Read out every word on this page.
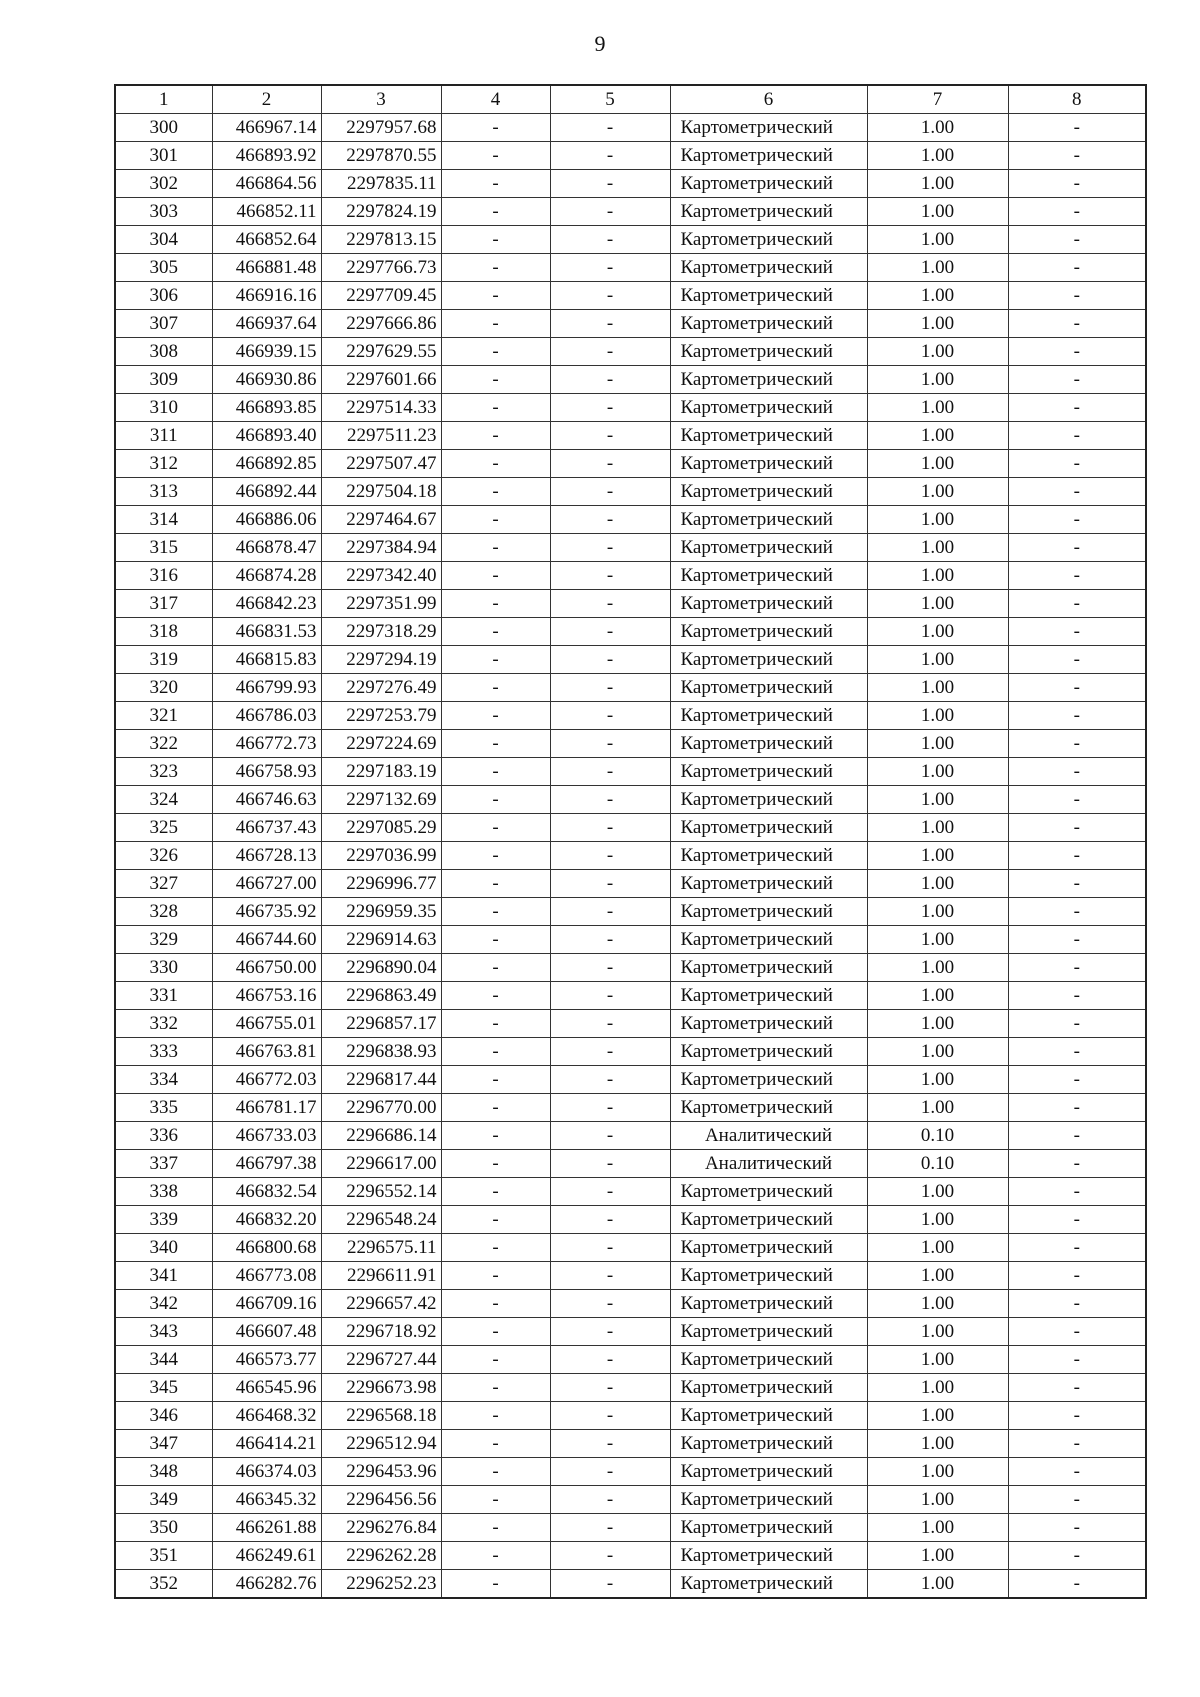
9
1	2	3	4	5	6	7	8
300	466967.14	2297957.68	-	-	Картометрический	1.00	-
301	466893.92	2297870.55	-	-	Картометрический	1.00	-
302	466864.56	2297835.11	-	-	Картометрический	1.00	-
303	466852.11	2297824.19	-	-	Картометрический	1.00	-
304	466852.64	2297813.15	-	-	Картометрический	1.00	-
305	466881.48	2297766.73	-	-	Картометрический	1.00	-
306	466916.16	2297709.45	-	-	Картометрический	1.00	-
307	466937.64	2297666.86	-	-	Картометрический	1.00	-
308	466939.15	2297629.55	-	-	Картометрический	1.00	-
309	466930.86	2297601.66	-	-	Картометрический	1.00	-
310	466893.85	2297514.33	-	-	Картометрический	1.00	-
311	466893.40	2297511.23	-	-	Картометрический	1.00	-
312	466892.85	2297507.47	-	-	Картометрический	1.00	-
313	466892.44	2297504.18	-	-	Картометрический	1.00	-
314	466886.06	2297464.67	-	-	Картометрический	1.00	-
315	466878.47	2297384.94	-	-	Картометрический	1.00	-
316	466874.28	2297342.40	-	-	Картометрический	1.00	-
317	466842.23	2297351.99	-	-	Картометрический	1.00	-
318	466831.53	2297318.29	-	-	Картометрический	1.00	-
319	466815.83	2297294.19	-	-	Картометрический	1.00	-
320	466799.93	2297276.49	-	-	Картометрический	1.00	-
321	466786.03	2297253.79	-	-	Картометрический	1.00	-
322	466772.73	2297224.69	-	-	Картометрический	1.00	-
323	466758.93	2297183.19	-	-	Картометрический	1.00	-
324	466746.63	2297132.69	-	-	Картометрический	1.00	-
325	466737.43	2297085.29	-	-	Картометрический	1.00	-
326	466728.13	2297036.99	-	-	Картометрический	1.00	-
327	466727.00	2296996.77	-	-	Картометрический	1.00	-
328	466735.92	2296959.35	-	-	Картометрический	1.00	-
329	466744.60	2296914.63	-	-	Картометрический	1.00	-
330	466750.00	2296890.04	-	-	Картометрический	1.00	-
331	466753.16	2296863.49	-	-	Картометрический	1.00	-
332	466755.01	2296857.17	-	-	Картометрический	1.00	-
333	466763.81	2296838.93	-	-	Картометрический	1.00	-
334	466772.03	2296817.44	-	-	Картометрический	1.00	-
335	466781.17	2296770.00	-	-	Картометрический	1.00	-
336	466733.03	2296686.14	-	-	Аналитический	0.10	-
337	466797.38	2296617.00	-	-	Аналитический	0.10	-
338	466832.54	2296552.14	-	-	Картометрический	1.00	-
339	466832.20	2296548.24	-	-	Картометрический	1.00	-
340	466800.68	2296575.11	-	-	Картометрический	1.00	-
341	466773.08	2296611.91	-	-	Картометрический	1.00	-
342	466709.16	2296657.42	-	-	Картометрический	1.00	-
343	466607.48	2296718.92	-	-	Картометрический	1.00	-
344	466573.77	2296727.44	-	-	Картометрический	1.00	-
345	466545.96	2296673.98	-	-	Картометрический	1.00	-
346	466468.32	2296568.18	-	-	Картометрический	1.00	-
347	466414.21	2296512.94	-	-	Картометрический	1.00	-
348	466374.03	2296453.96	-	-	Картометрический	1.00	-
349	466345.32	2296456.56	-	-	Картометрический	1.00	-
350	466261.88	2296276.84	-	-	Картометрический	1.00	-
351	466249.61	2296262.28	-	-	Картометрический	1.00	-
352	466282.76	2296252.23	-	-	Картометрический	1.00	-
